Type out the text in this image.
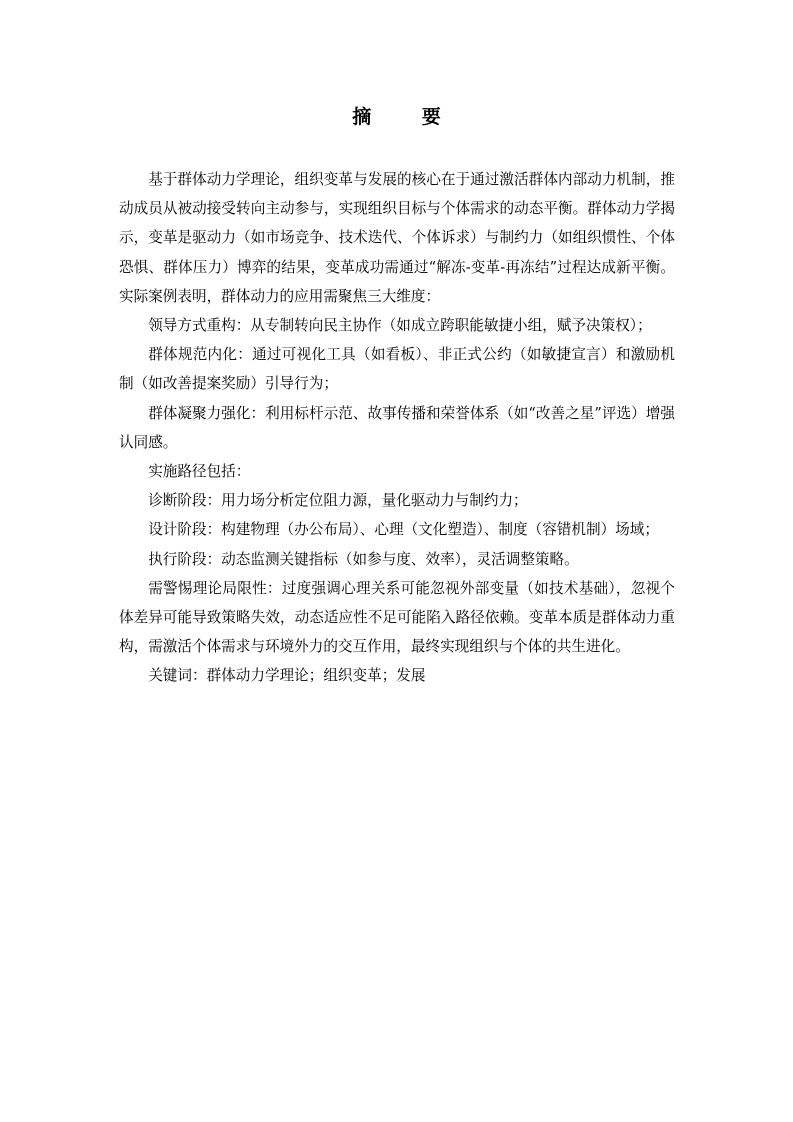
摘 要

基于群体动力学理论，组织变革与发展的核心在于通过激活群体内部动力机制，推动成员从被动接受转向主动参与，实现组织目标与个体需求的动态平衡。群体动力学揭示，变革是驱动力（如市场竞争、技术迭代、个体诉求）与制约力（如组织惯性、个体恐惧、群体压力）博弈的结果，变革成功需通过“解冻-变革-再冻结”过程达成新平衡。实际案例表明，群体动力的应用需聚焦三大维度：

领导方式重构：从专制转向民主协作（如成立跨职能敏捷小组，赋予决策权）；

群体规范内化：通过可视化工具（如看板）、非正式公约（如敏捷宣言）和激励机制（如改善提案奖励）引导行为；

群体凝聚力强化：利用标杆示范、故事传播和荣誉体系（如“改善之星”评选）增强认同感。

实施路径包括：

诊断阶段：用力场分析定位阻力源，量化驱动力与制约力；

设计阶段：构建物理（办公布局）、心理（文化塑造）、制度（容错机制）场域；

执行阶段：动态监测关键指标（如参与度、效率），灵活调整策略。

需警惕理论局限性：过度强调心理关系可能忽视外部变量（如技术基础），忽视个体差异可能导致策略失效，动态适应性不足可能陷入路径依赖。变革本质是群体动力重构，需激活个体需求与环境外力的交互作用，最终实现组织与个体的共生进化。

关键词：群体动力学理论；组织变革；发展
